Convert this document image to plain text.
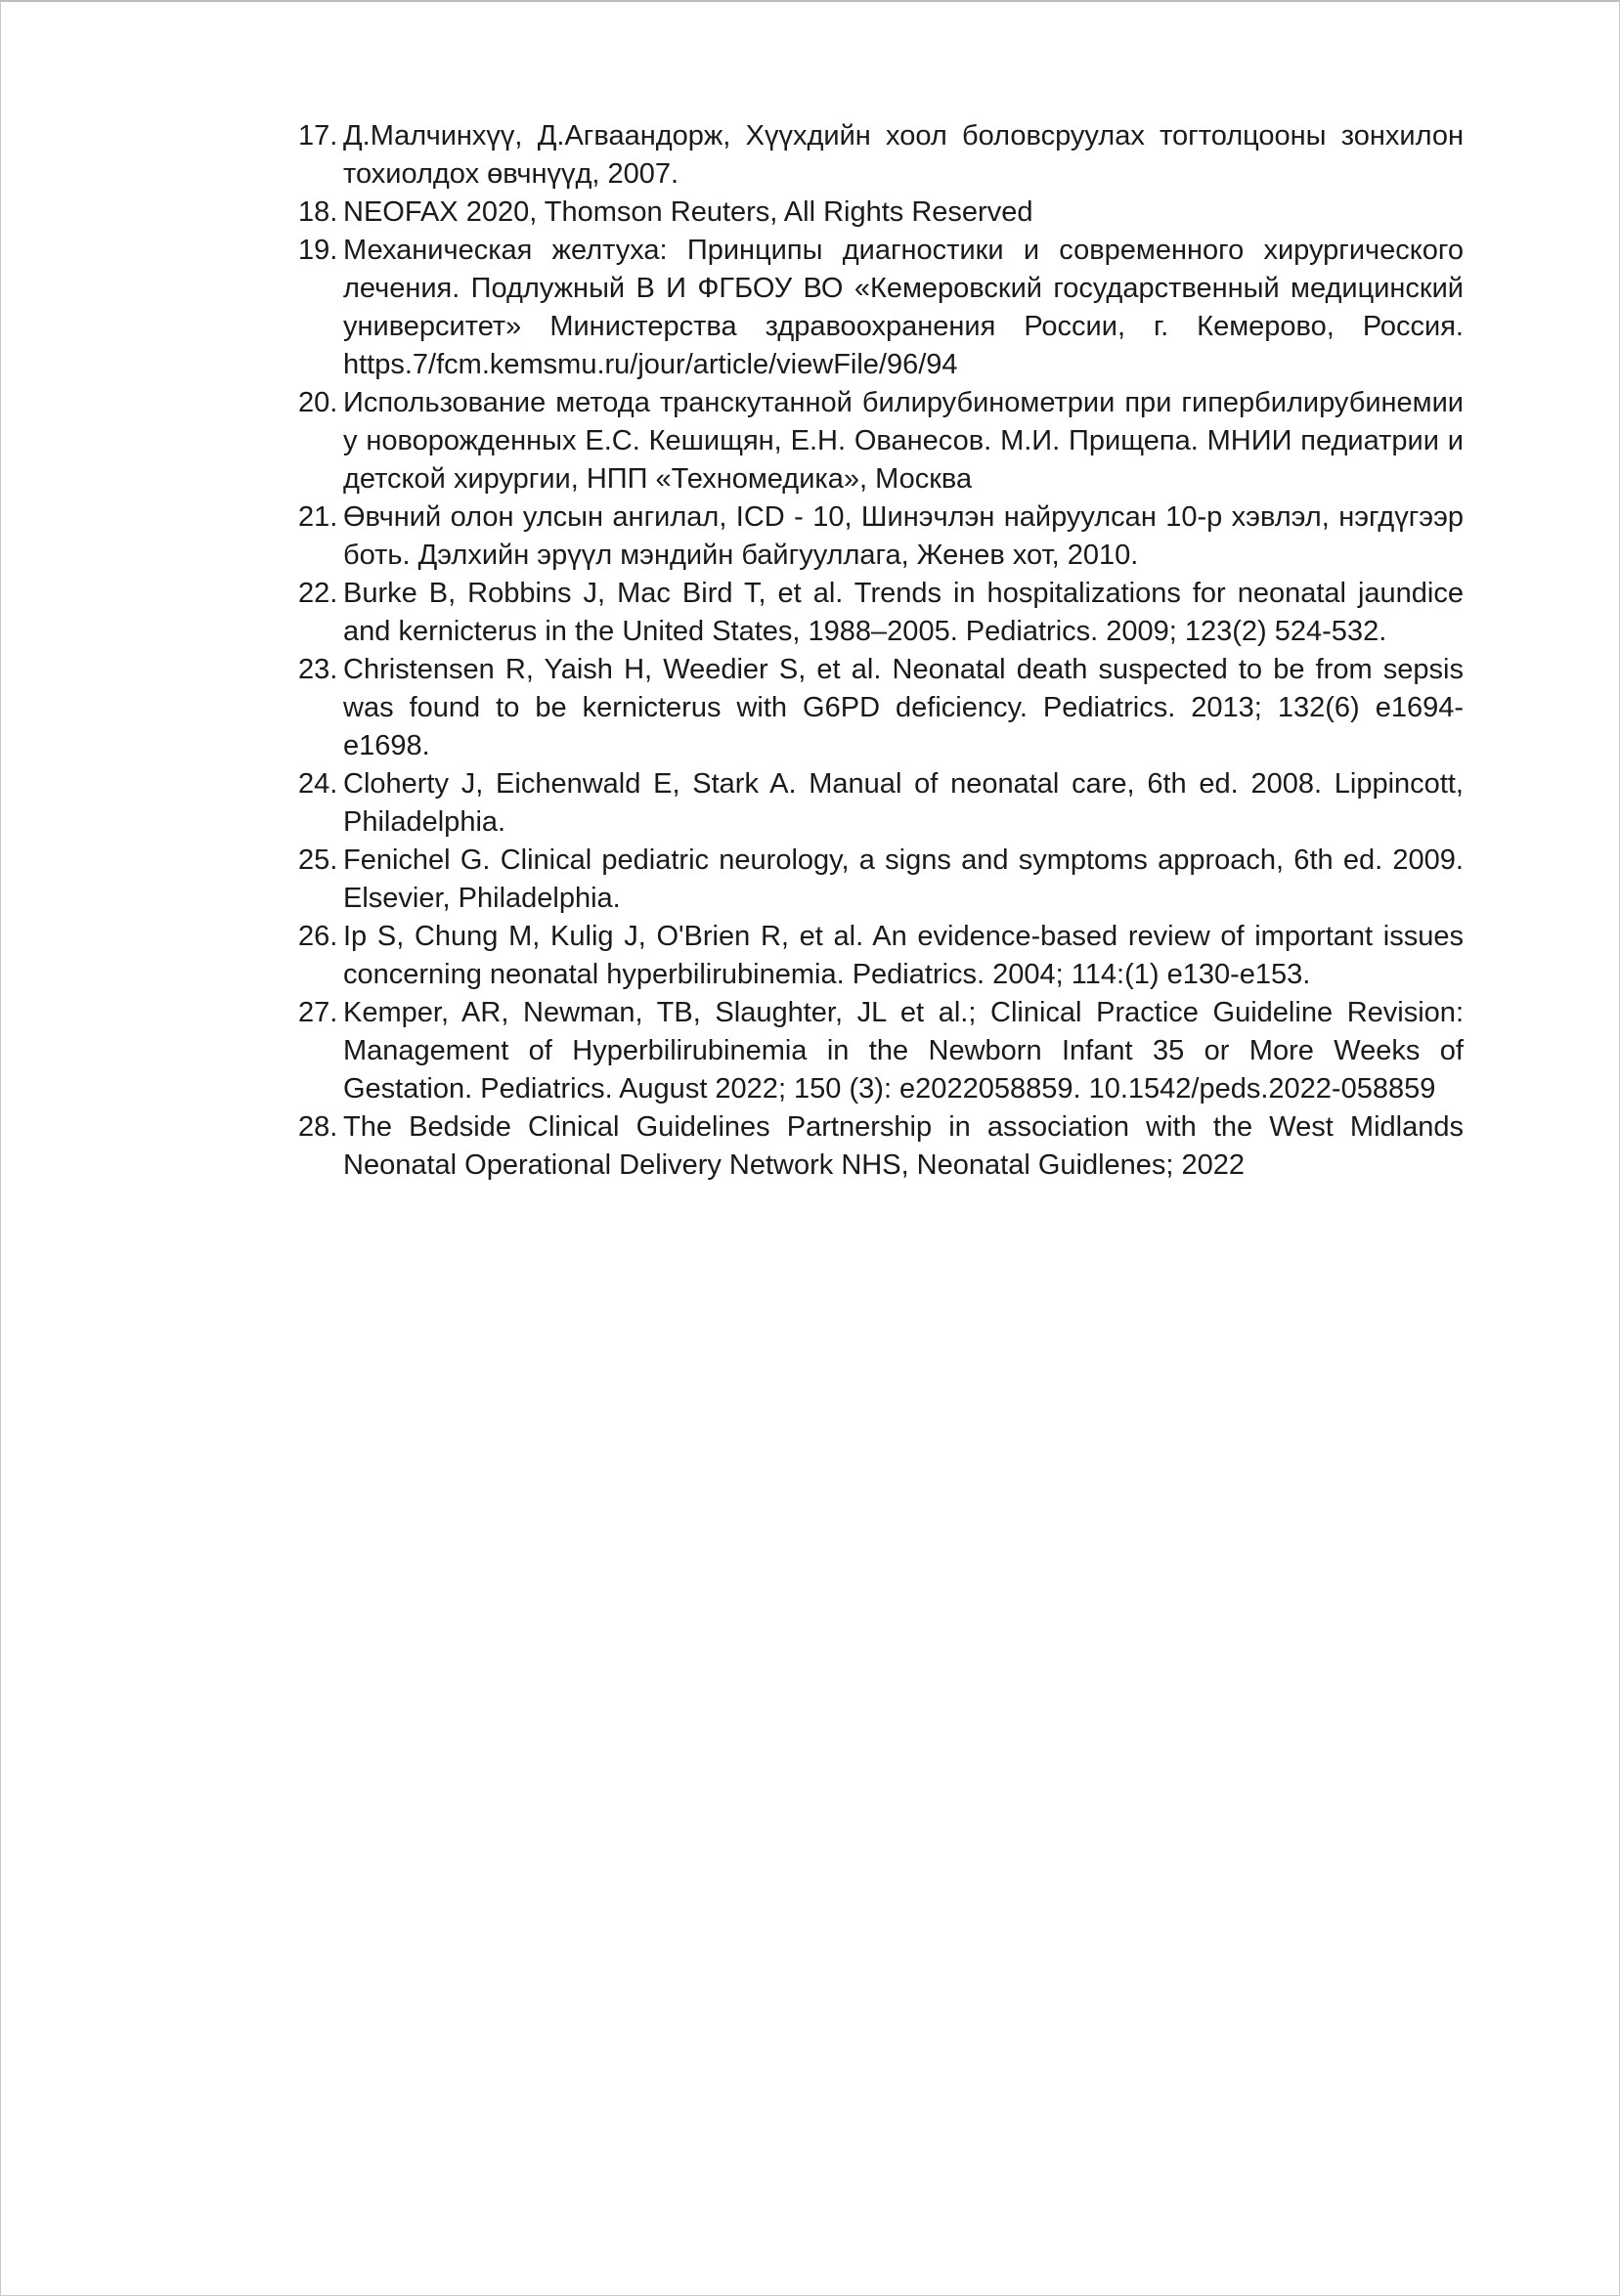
17. Д.Малчинхүү, Д.Агваандорж, Хүүхдийн хоол боловсруулах тогтолцооны зонхилон тохиолдох өвчнүүд, 2007.
18. NEOFAX 2020, Thomson Reuters, All Rights Reserved
19. Механическая желтуха: Принципы диагностики и современного хирургического лечения. Подлужный В И ФГБОУ ВО «Кемеровский государственный медицинский университет» Министерства здравоохранения России, г. Кемерово, Россия. https.7/fcm.kemsmu.ru/jour/article/viewFile/96/94
20. Использование метода транскутанной билирубинометрии при гипербилирубинемии у новорожденных Е.С. Кешищян, Е.Н. Ованесов. М.И. Прищепа. МНИИ педиатрии и детской хирургии, НПП «Техномедика», Москва
21. Өвчний олон улсын ангилал, ICD - 10, Шинэчлэн найруулсан 10-р хэвлэл, нэгдүгээр боть. Дэлхийн эрүүл мэндийн байгууллага, Женев хот, 2010.
22. Burke B, Robbins J, Mac Bird T, et al. Trends in hospitalizations for neonatal jaundice and kernicterus in the United States, 1988–2005. Pediatrics. 2009; 123(2) 524-532.
23. Christensen R, Yaish H, Weedier S, et al. Neonatal death suspected to be from sepsis was found to be kernicterus with G6PD deficiency. Pediatrics. 2013; 132(6) e1694-e1698.
24. Cloherty J, Eichenwald E, Stark A. Manual of neonatal care, 6th ed. 2008. Lippincott, Philadelphia.
25. Fenichel G. Clinical pediatric neurology, a signs and symptoms approach, 6th ed. 2009. Elsevier, Philadelphia.
26. Ip S, Chung M, Kulig J, O'Brien R, et al. An evidence-based review of important issues concerning neonatal hyperbilirubinemia. Pediatrics. 2004; 114:(1) e130-e153.
27. Kemper, AR, Newman, TB, Slaughter, JL et al.; Clinical Practice Guideline Revision: Management of Hyperbilirubinemia in the Newborn Infant 35 or More Weeks of Gestation. Pediatrics. August 2022; 150 (3): e2022058859. 10.1542/peds.2022-058859
28. The Bedside Clinical Guidelines Partnership in association with the West Midlands Neonatal Operational Delivery Network NHS, Neonatal Guidlenes; 2022
